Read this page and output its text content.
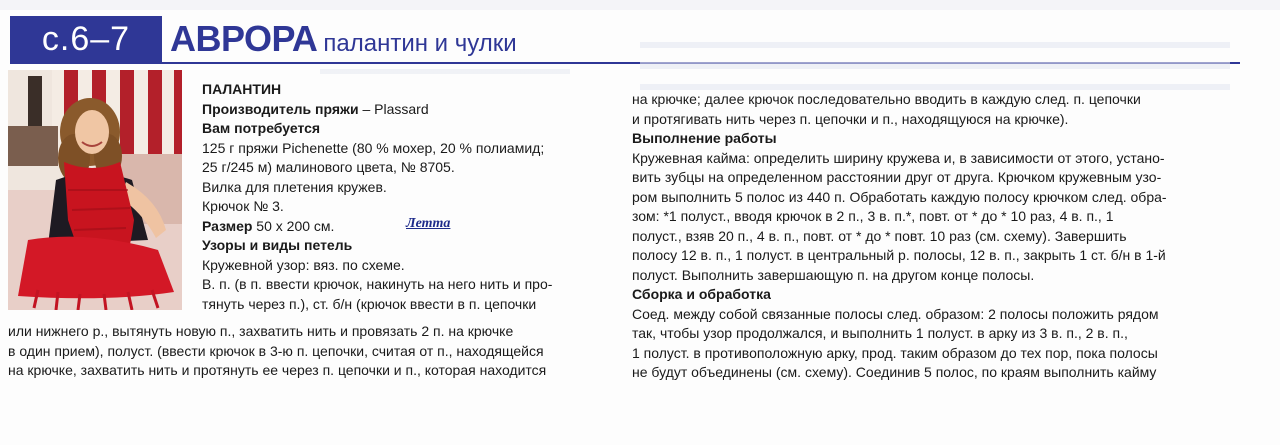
с.6–7 АВРОРА палантин и чулки
ПАЛАНТИН
Производитель пряжи – Plassard
Вам потребуется
125 г пряжи Pichenette (80 % мохер, 20 % полиамид;
25 г/245 м) малинового цвета, № 8705.
Вилка для плетения кружев.
Крючок № 3.
Размер 50 x 200 см.
Узоры и виды петель
Кружевной узор: вяз. по схеме.
В. п. (в п. ввести крючок, накинуть на него нить и про-
тянуть через п.), ст. б/н (крючок ввести в п. цепочки
или нижнего р., вытянуть новую п., захватить нить и провязать 2 п. на крючке
в один прием), полуст. (ввести крючок в 3-ю п. цепочки, считая от п., находящейся
на крючке, захватить нить и протянуть ее через п. цепочки и п., которая находится
Летта
на крючке; далее крючок последовательно вводить в каждую след. п. цепочки
и протягивать нить через п. цепочки и п., находящуюся на крючке).
Выполнение работы
Кружевная кайма: определить ширину кружева и, в зависимости от этого, устано-
вить зубцы на определенном расстоянии друг от друга. Крючком кружевным узо-
ром выполнить 5 полос из 440 п. Обработать каждую полосу крючком след. обра-
зом: *1 полуст., вводя крючок в 2 п., 3 в. п.*, повт. от * до * 10 раз, 4 в. п., 1
полуст., взяв 20 п., 4 в. п., повт. от * до * повт. 10 раз (см. схему). Завершить
полосу 12 в. п., 1 полуст. в центральный р. полосы, 12 в. п., закрыть 1 ст. б/н в 1-й
полуст. Выполнить завершающую п. на другом конце полосы.
Сборка и обработка
Соед. между собой связанные полосы след. образом: 2 полосы положить рядом
так, чтобы узор продолжался, и выполнить 1 полуст. в арку из 3 в. п., 2 в. п.,
1 полуст. в противоположную арку, прод. таким образом до тех пор, пока полосы
не будут объединены (см. схему). Соединив 5 полос, по краям выполнить кайму
